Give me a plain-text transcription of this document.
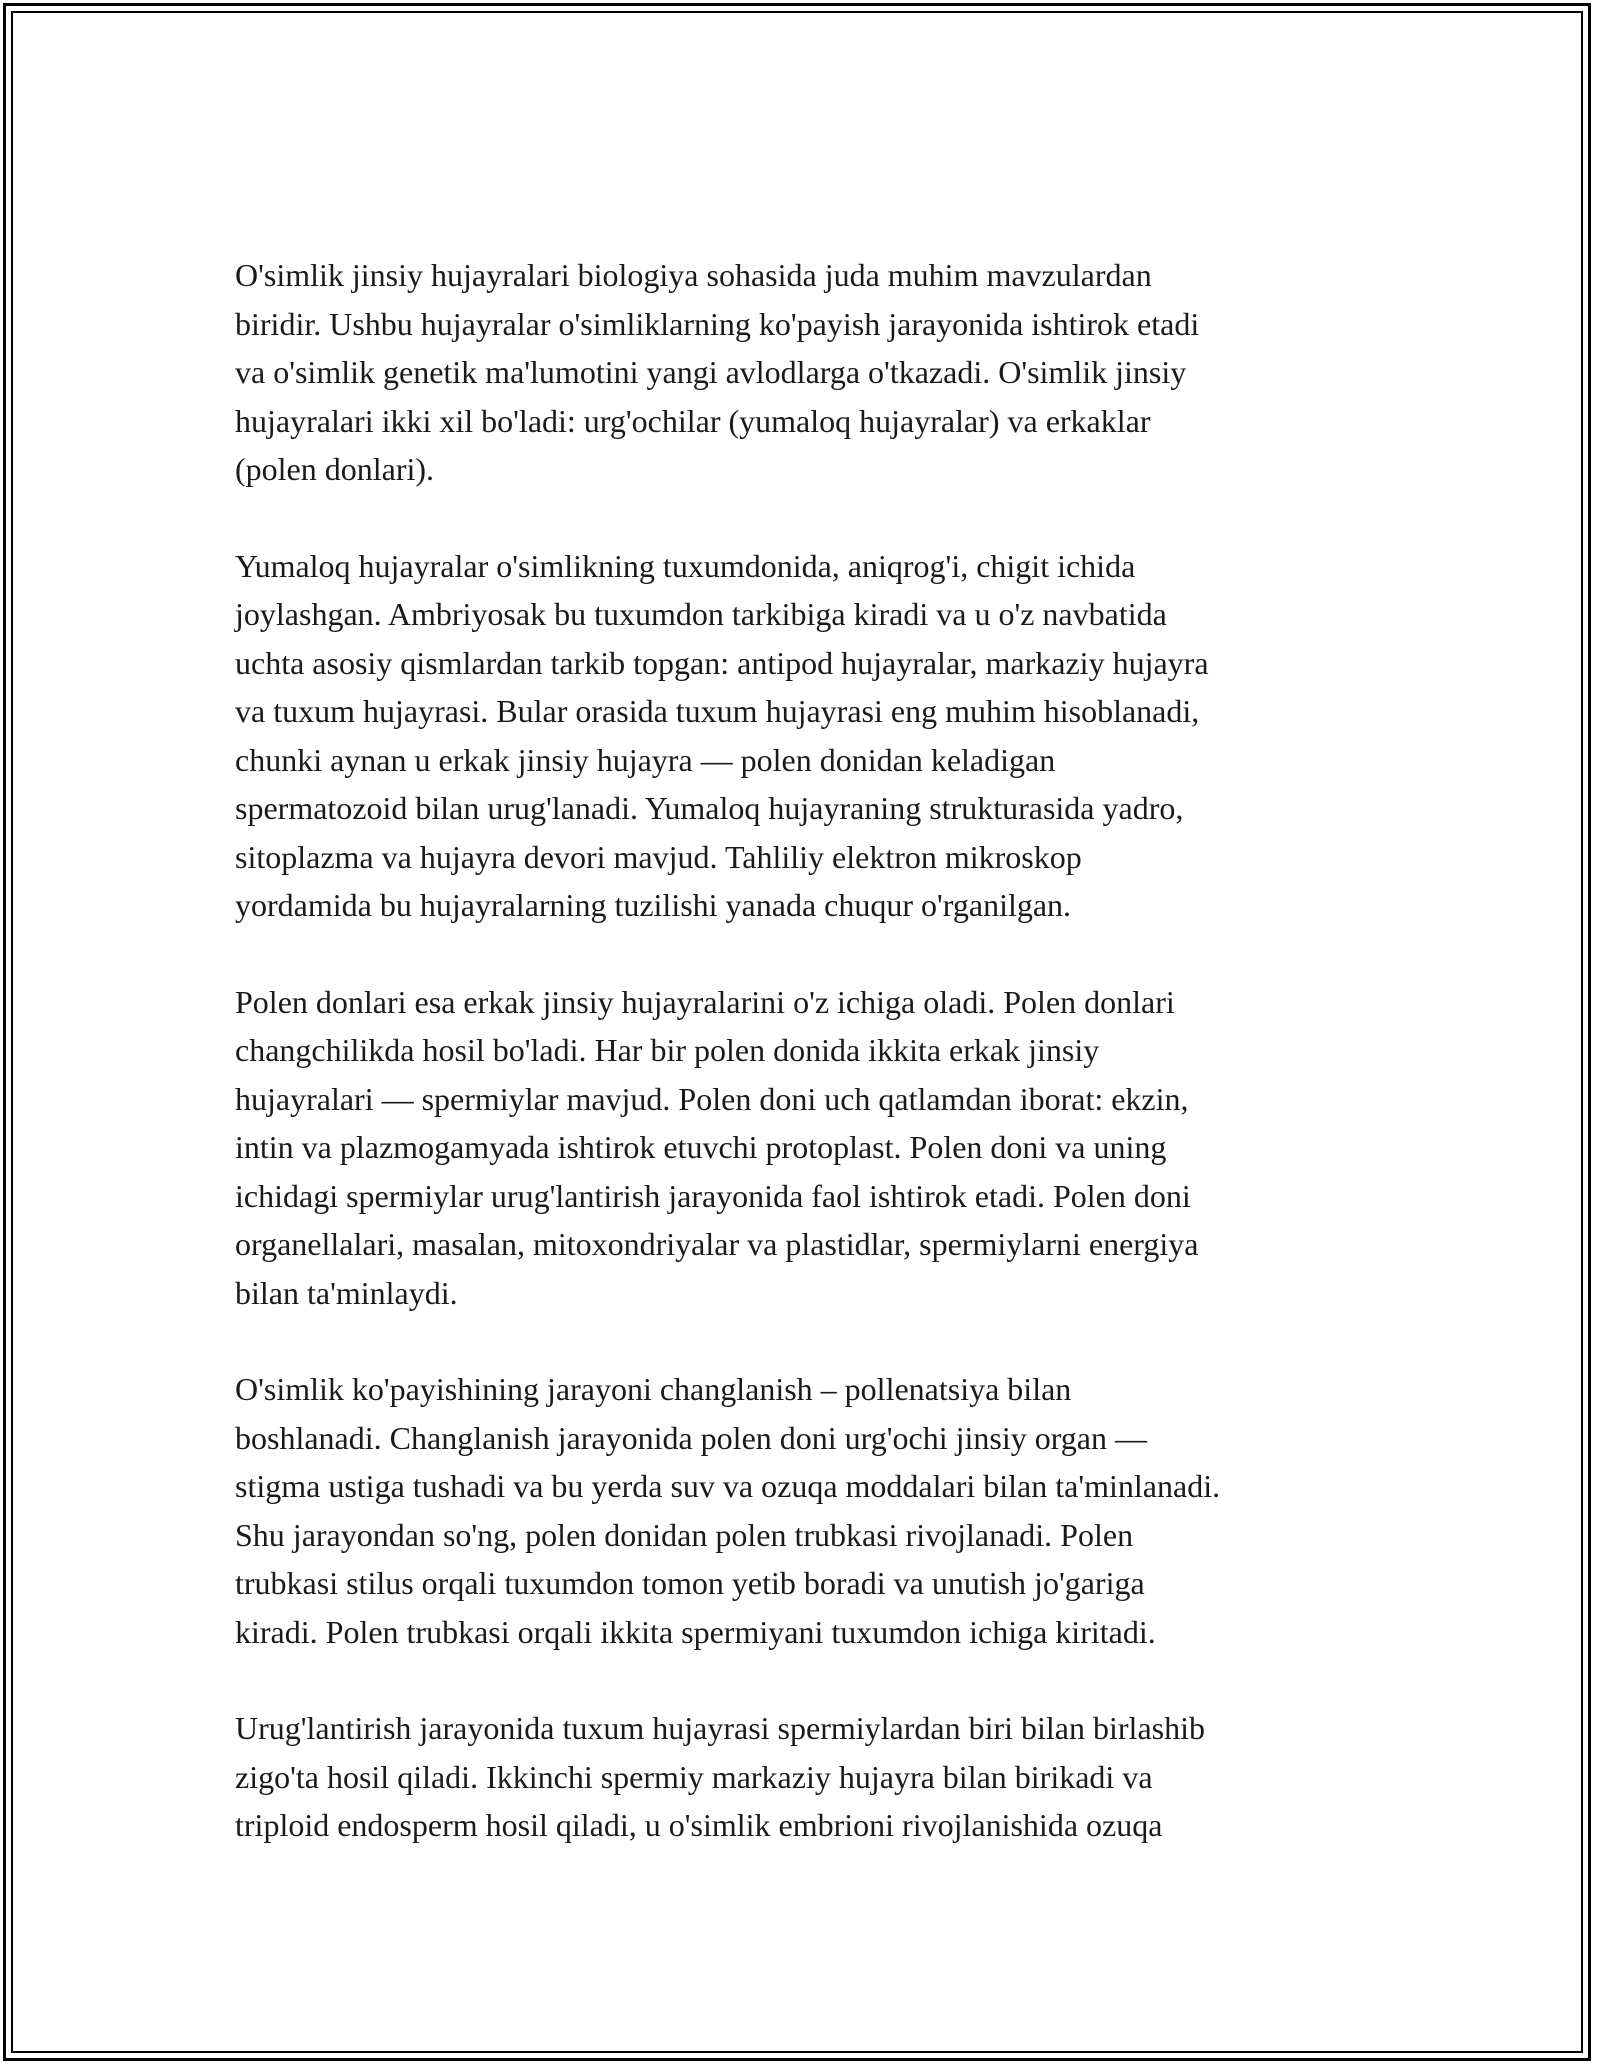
O'simlik jinsiy hujayralari biologiya sohasida juda muhim mavzulardan
biridir. Ushbu hujayralar o'simliklarning ko'payish jarayonida ishtirok etadi
va o'simlik genetik ma'lumotini yangi avlodlarga o'tkazadi. O'simlik jinsiy
hujayralari ikki xil bo'ladi: urg'ochilar (yumaloq hujayralar) va erkaklar
(polen donlari).

Yumaloq hujayralar o'simlikning tuxumdonida, aniqrog'i, chigit ichida
joylashgan. Ambriyosak bu tuxumdon tarkibiga kiradi va u o'z navbatida
uchta asosiy qismlardan tarkib topgan: antipod hujayralar, markaziy hujayra
va tuxum hujayrasi. Bular orasida tuxum hujayrasi eng muhim hisoblanadi,
chunki aynan u erkak jinsiy hujayra — polen donidan keladigan
spermatozoid bilan urug'lanadi. Yumaloq hujayraning strukturasida yadro,
sitoplazma va hujayra devori mavjud. Tahliliy elektron mikroskop
yordamida bu hujayralarning tuzilishi yanada chuqur o'rganilgan.

Polen donlari esa erkak jinsiy hujayralarini o'z ichiga oladi. Polen donlari
changchilikda hosil bo'ladi. Har bir polen donida ikkita erkak jinsiy
hujayralari — spermiylar mavjud. Polen doni uch qatlamdan iborat: ekzin,
intin va plazmogamyada ishtirok etuvchi protoplast. Polen doni va uning
ichidagi spermiylar urug'lantirish jarayonida faol ishtirok etadi. Polen doni
organellalari, masalan, mitoxondriyalar va plastidlar, spermiylarni energiya
bilan ta'minlaydi.

O'simlik ko'payishining jarayoni changlanish – pollenatsiya bilan
boshlanadi. Changlanish jarayonida polen doni urg'ochi jinsiy organ —
stigma ustiga tushadi va bu yerda suv va ozuqa moddalari bilan ta'minlanadi.
Shu jarayondan so'ng, polen donidan polen trubkasi rivojlanadi. Polen
trubkasi stilus orqali tuxumdon tomon yetib boradi va unutish jo'gariga
kiradi. Polen trubkasi orqali ikkita spermiyani tuxumdon ichiga kiritadi.

Urug'lantirish jarayonida tuxum hujayrasi spermiylardan biri bilan birlashib
zigo'ta hosil qiladi. Ikkinchi spermiy markaziy hujayra bilan birikadi va
triploid endosperm hosil qiladi, u o'simlik embrioni rivojlanishida ozuqa
